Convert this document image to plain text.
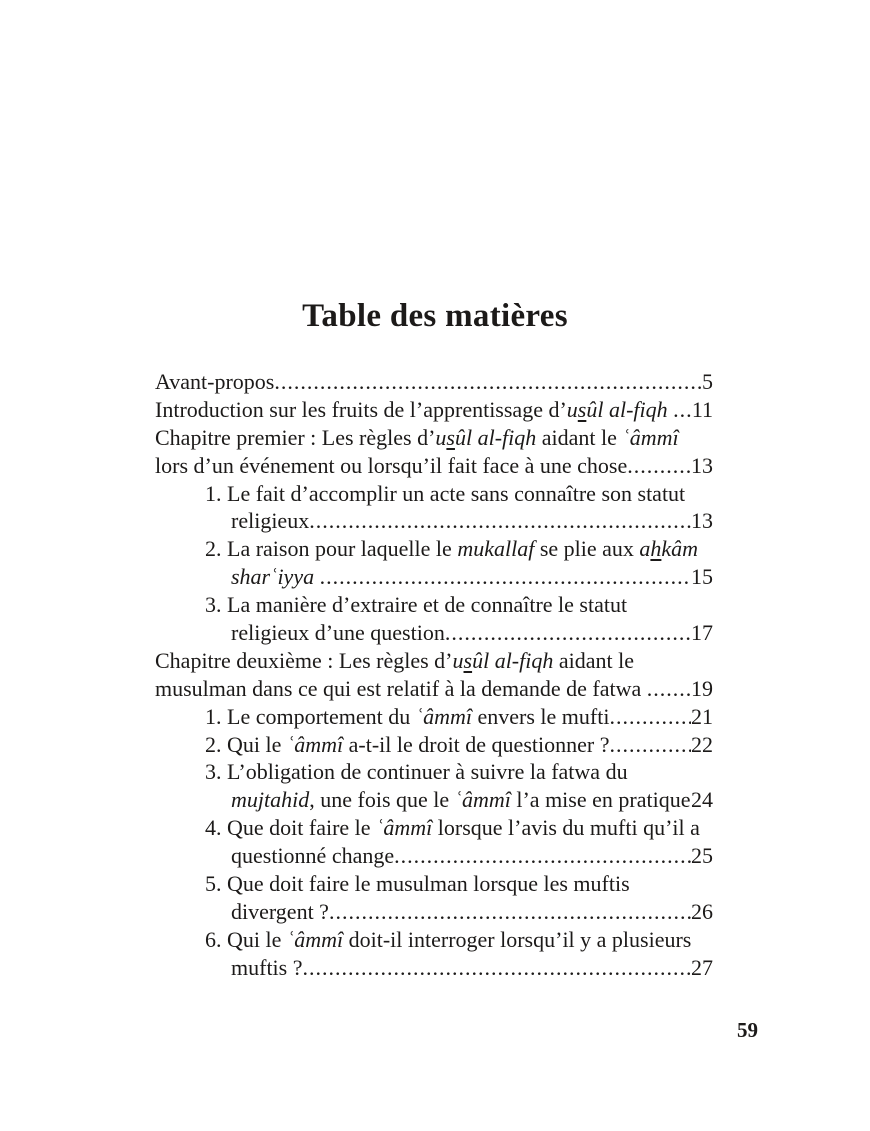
Table des matières
Avant-propos .....	5
Introduction sur les fruits de l’apprentissage d’usûl al-fiqh ..... 11
Chapitre premier : Les règles d’usûl al-fiqh aidant le ʿâmmî
lors d’un événement ou lorsqu’il fait face à une chose .....	13
1. Le fait d’accomplir un acte sans connaître son statut
religieux .....	13
2. La raison pour laquelle le mukallaf se plie aux ahkâm
sharʿiyya .....	15
3. La manière d’extraire et de connaître le statut
religieux d’une question .....	17
Chapitre deuxième : Les règles d’usûl al-fiqh aidant le
musulman dans ce qui est relatif à la demande de fatwa ..... 19
1. Le comportement du ʿâmmî envers le mufti .....	21
2. Qui le ʿâmmî a-t-il le droit de questionner ? .....	22
3. L’obligation de continuer à suivre la fatwa du
mujtahid, une fois que le ʿâmmî l’a mise en pratique 24
4. Que doit faire le ʿâmmî lorsque l’avis du mufti qu’il a
questionné change .....	25
5. Que doit faire le musulman lorsque les muftis
divergent ? .....	26
6. Qui le ʿâmmî doit-il interroger lorsqu’il y a plusieurs
muftis ? .....	27
59
